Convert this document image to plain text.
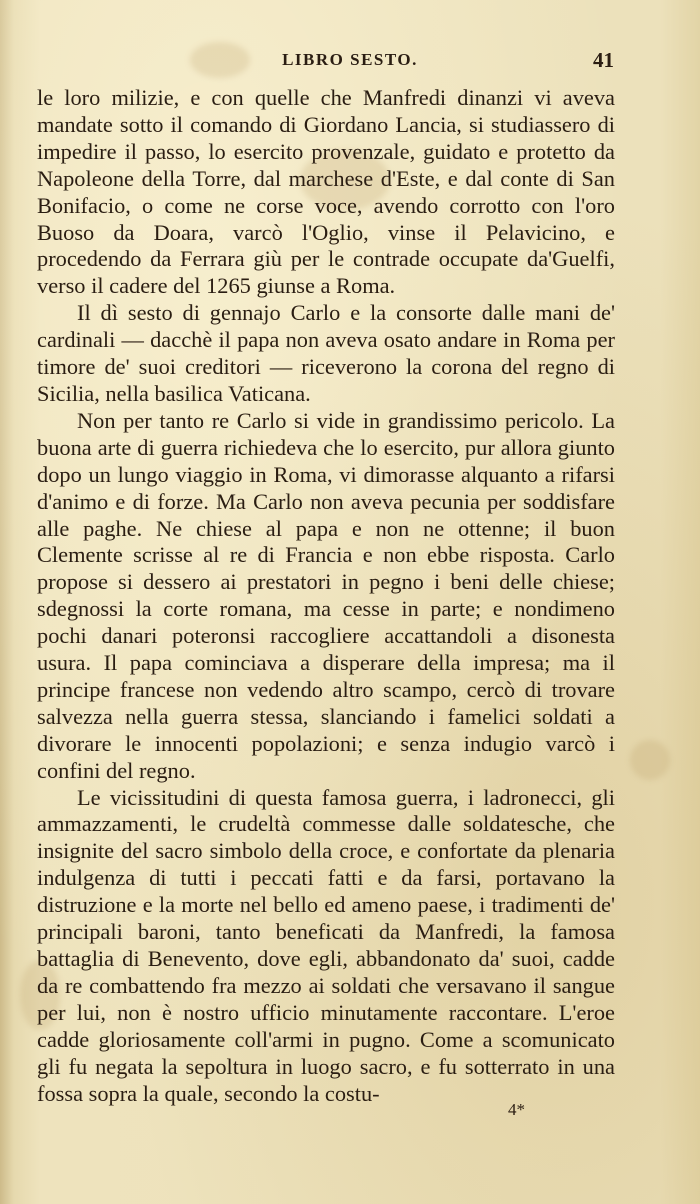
LIBRO SESTO.	41

le loro milizie, e con quelle che Manfredi dinanzi vi aveva mandate sotto il comando di Giordano Lancia, si studiassero di impedire il passo, lo esercito provenzale, guidato e protetto da Napoleone della Torre, dal marchese d'Este, e dal conte di San Bonifacio, o come ne corse voce, avendo corrotto con l'oro Buoso da Doara, varcò l'Oglio, vinse il Pelavicino, e procedendo da Ferrara giù per le contrade occupate da'Guelfi, verso il cadere del 1265 giunse a Roma.

Il dì sesto di gennajo Carlo e la consorte dalle mani de' cardinali — dacchè il papa non aveva osato andare in Roma per timore de' suoi creditori — riceverono la corona del regno di Sicilia, nella basilica Vaticana.

Non per tanto re Carlo si vide in grandissimo pericolo. La buona arte di guerra richiedeva che lo esercito, pur allora giunto dopo un lungo viaggio in Roma, vi dimorasse alquanto a rifarsi d'animo e di forze. Ma Carlo non aveva pecunia per soddisfare alle paghe. Ne chiese al papa e non ne ottenne; il buon Clemente scrisse al re di Francia e non ebbe risposta. Carlo propose si dessero ai prestatori in pegno i beni delle chiese; sdegnossi la corte romana, ma cesse in parte; e nondimeno pochi danari poteronsi raccogliere accattandoli a disonesta usura. Il papa cominciava a disperare della impresa; ma il principe francese non vedendo altro scampo, cercò di trovare salvezza nella guerra stessa, slanciando i famelici soldati a divorare le innocenti popolazioni; e senza indugio varcò i confini del regno.

Le vicissitudini di questa famosa guerra, i ladronecci, gli ammazzamenti, le crudeltà commesse dalle soldatesche, che insignite del sacro simbolo della croce, e confortate da plenaria indulgenza di tutti i peccati fatti e da farsi, portavano la distruzione e la morte nel bello ed ameno paese, i tradimenti de' principali baroni, tanto beneficati da Manfredi, la famosa battaglia di Benevento, dove egli, abbandonato da' suoi, cadde da re combattendo fra mezzo ai soldati che versavano il sangue per lui, non è nostro ufficio minutamente raccontare. L'eroe cadde gloriosamente coll'armi in pugno. Come a scomunicato gli fu negata la sepoltura in luogo sacro, e fu sotterrato in una fossa sopra la quale, secondo la costu-

4*
